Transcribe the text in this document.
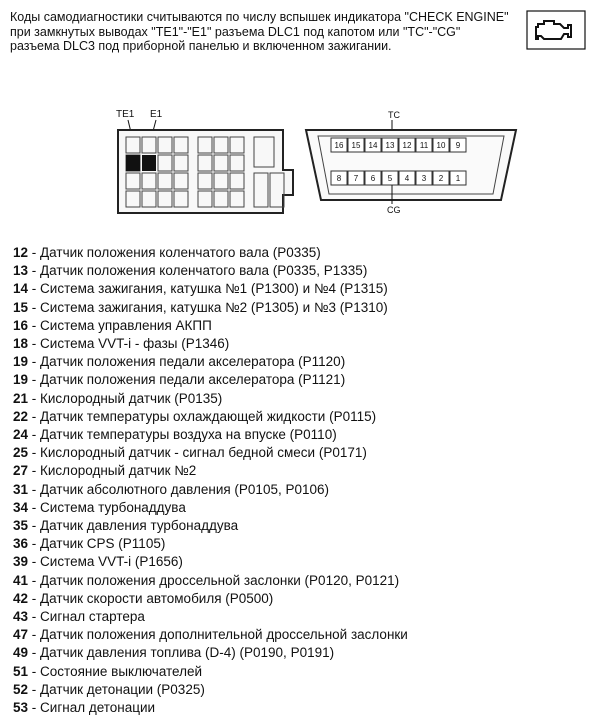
Коды самодиагностики считываются по числу вспышек индикатора "CHECK ENGINE" при замкнутых выводах "TE1"-"E1" разъема DLC1 под капотом или "TC"-"CG" разъема DLC3 под приборной панелью и включенном зажигании.
TE1 E1	TC
16 15 14 13 12 11 10 9
8 7 6 5 4 3 2 1
CG
12 - Датчик положения коленчатого вала (P0335)
13 - Датчик положения коленчатого вала (P0335, P1335)
14 - Система зажигания, катушка №1 (P1300) и №4 (P1315)
15 - Система зажигания, катушка №2 (P1305) и №3 (P1310)
16 - Система управления АКПП
18 - Система VVT-i - фазы (P1346)
19 - Датчик положения педали акселератора (P1120)
19 - Датчик положения педали акселератора (P1121)
21 - Кислородный датчик (P0135)
22 - Датчик температуры охлаждающей жидкости (P0115)
24 - Датчик температуры воздуха на впуске (P0110)
25 - Кислородный датчик - сигнал бедной смеси (P0171)
27 - Кислородный датчик №2
31 - Датчик абсолютного давления (P0105, P0106)
34 - Система турбонаддува
35 - Датчик давления турбонаддува
36 - Датчик CPS (P1105)
39 - Система VVT-i (P1656)
41 - Датчик положения дроссельной заслонки (P0120, P0121)
42 - Датчик скорости автомобиля (P0500)
43 - Сигнал стартера
47 - Датчик положения дополнительной дроссельной заслонки
49 - Датчик давления топлива (D-4) (P0190, P0191)
51 - Состояние выключателей
52 - Датчик детонации (P0325)
53 - Сигнал детонации
